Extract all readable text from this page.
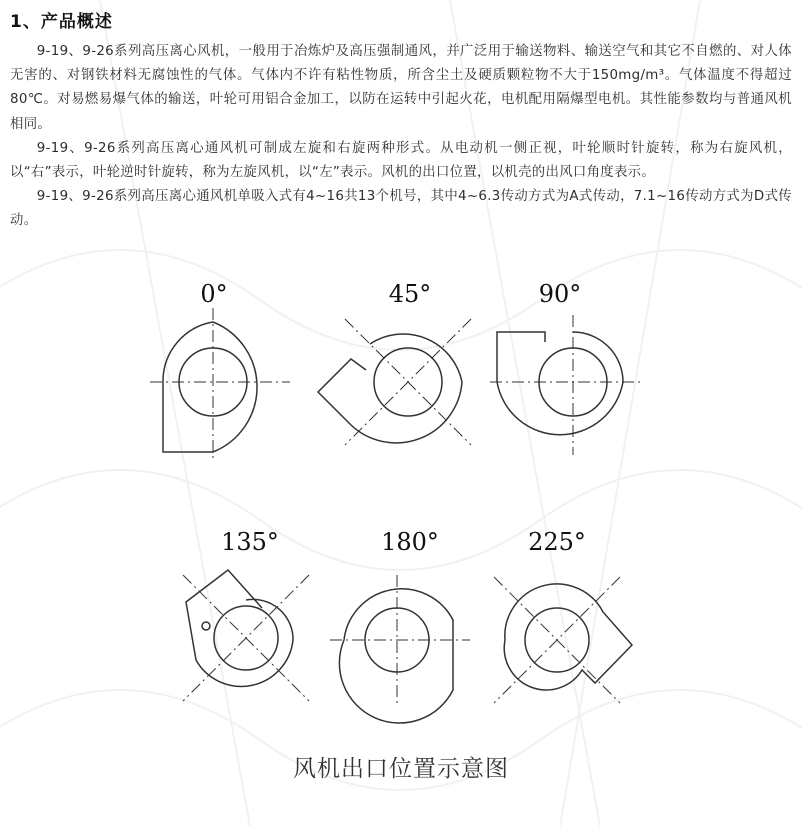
1、产品概述

9-19、9-26系列高压离心风机，一般用于冶炼炉及高压强制通风，并广泛用于输送物料、输送空气和其它不自燃的、对人体无害的、对钢铁材料无腐蚀性的气体。气体内不许有粘性物质，所含尘土及硬质颗粒物不大于150mg/m³。气体温度不得超过80℃。对易燃易爆气体的输送，叶轮可用铝合金加工，以防在运转中引起火花，电机配用隔爆型电机。其性能参数均与普通风机相同。

9-19、9-26系列高压离心通风机可制成左旋和右旋两种形式。从电动机一侧正视，叶轮顺时针旋转，称为右旋风机，以“右”表示，叶轮逆时针旋转，称为左旋风机，以“左”表示。风机的出口位置，以机壳的出风口角度表示。

9-19、9-26系列高压离心通风机单吸入式有4~16共13个机号，其中4~6.3传动方式为A式传动，7.1~16传动方式为D式传动。

0°	45°	90°
135°	180°	225°
风机出口位置示意图
